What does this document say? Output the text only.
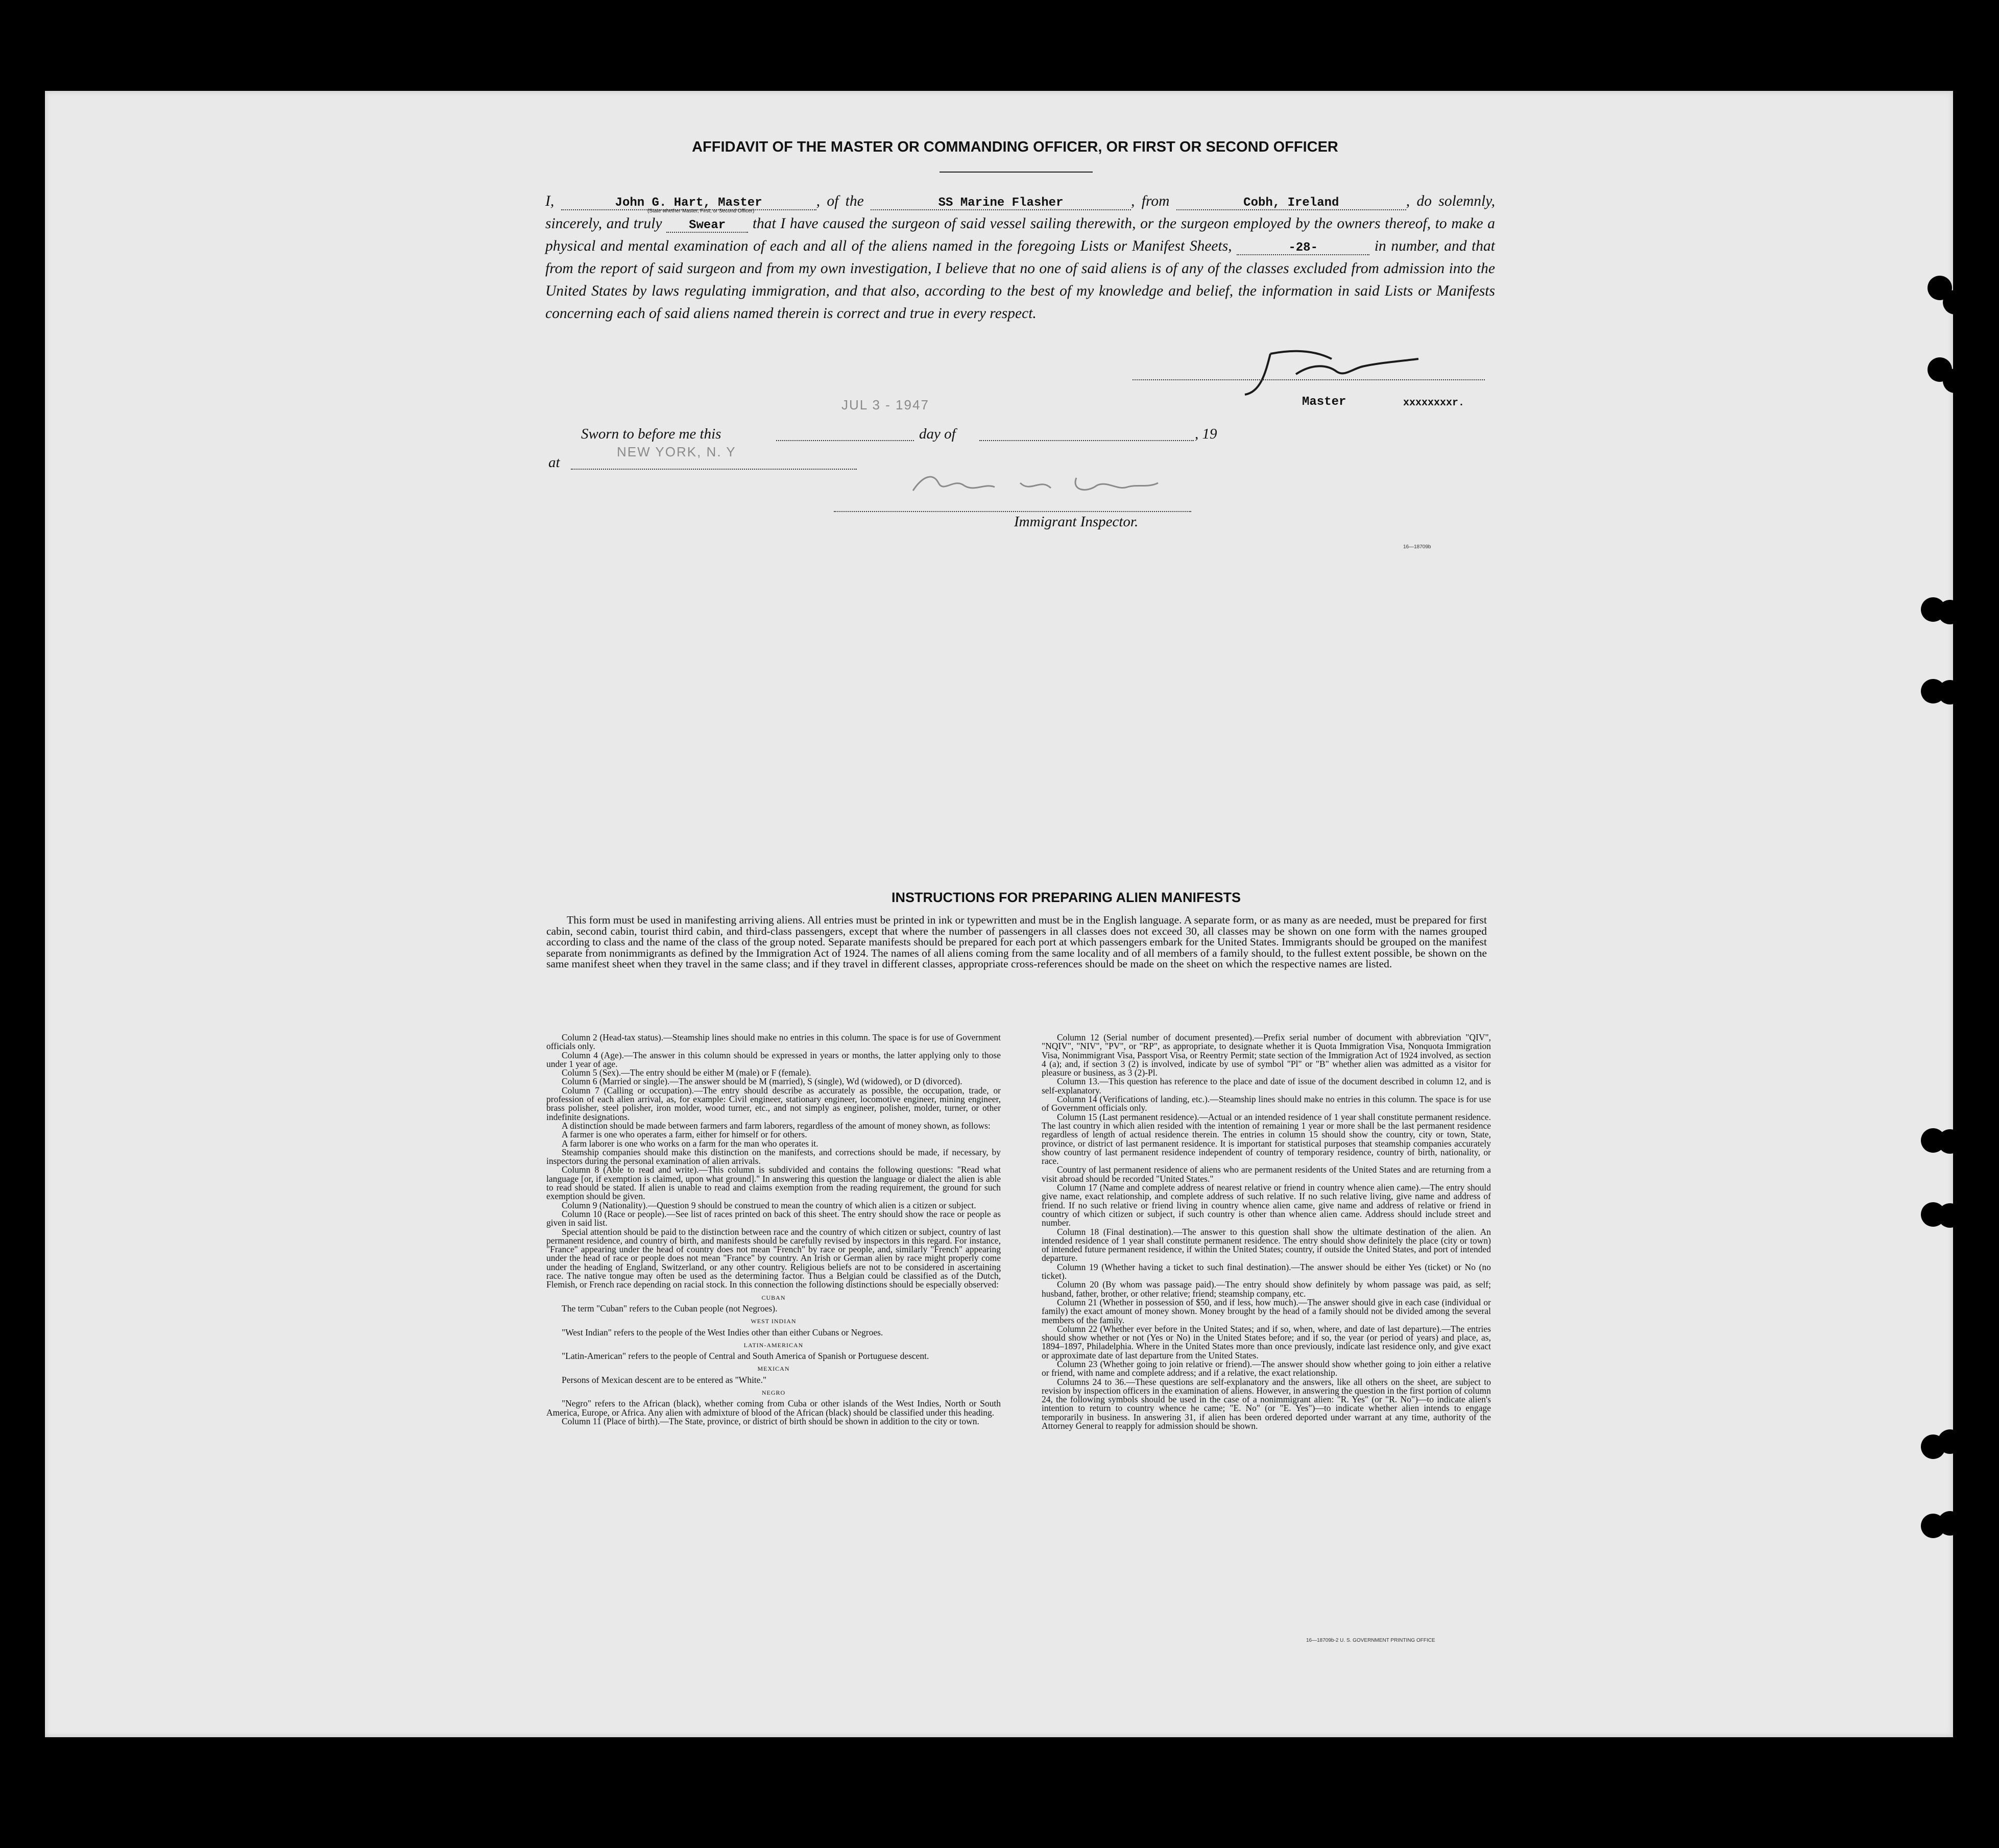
AFFIDAVIT OF THE MASTER OR COMMANDING OFFICER, OR FIRST OR SECOND OFFICER
I,	John G. Hart, Master	, of the	SS Marine Flasher	, from	Cobh, Ireland	, do solemnly, sincerely, and truly Swear that I have caused the surgeon of said vessel sailing therewith, or the surgeon employed by the owners thereof, to make a physical and mental examination of each and all of the aliens named in the foregoing Lists or Manifest Sheets,	-28-	in number, and that from the report of said surgeon and from my own investigation, I believe that no one of said aliens is of any of the classes excluded from admission into the United States by laws regulating immigration, and that also, according to the best of my knowledge and belief, the information in said Lists or Manifests concerning each of said aliens named therein is correct and true in every respect.
(State whether Master, First, or Second Officer)
Master	xxxxxxxxr.
JUL 3 - 1947
Sworn to before me this	day of	, 19
NEW YORK, N. Y
at
Immigrant Inspector.
16—18709b
INSTRUCTIONS FOR PREPARING ALIEN MANIFESTS
This form must be used in manifesting arriving aliens. All entries must be printed in ink or typewritten and must be in the English language. A separate form, or as many as are needed, must be prepared for first cabin, second cabin, tourist third cabin, and third-class passengers, except that where the number of passengers in all classes does not exceed 30, all classes may be shown on one form with the names grouped according to class and the name of the class of the group noted. Separate manifests should be prepared for each port at which passengers embark for the United States. Immigrants should be grouped on the manifest separate from nonimmigrants as defined by the Immigration Act of 1924. The names of all aliens coming from the same locality and of all members of a family should, to the fullest extent possible, be shown on the same manifest sheet when they travel in the same class; and if they travel in different classes, appropriate cross-references should be made on the sheet on which the respective names are listed.

Column 2 (Head-tax status).—Steamship lines should make no entries in this column. The space is for use of Government officials only.

Column 4 (Age).—The answer in this column should be expressed in years or months, the latter applying only to those under 1 year of age.

Column 5 (Sex).—The entry should be either M (male) or F (female).

Column 6 (Married or single).—The answer should be M (married), S (single), Wd (widowed), or D (divorced).

Column 7 (Calling or occupation).—The entry should describe as accurately as possible, the occupation, trade, or profession of each alien arrival, as, for example: Civil engineer, stationary engineer, locomotive engineer, mining engineer, brass polisher, steel polisher, iron molder, wood turner, etc., and not simply as engineer, polisher, molder, turner, or other indefinite designations.

A distinction should be made between farmers and farm laborers, regardless of the amount of money shown, as follows:

A farmer is one who operates a farm, either for himself or for others.

A farm laborer is one who works on a farm for the man who operates it.

Steamship companies should make this distinction on the manifests, and corrections should be made, if necessary, by inspectors during the personal examination of alien arrivals.

Column 8 (Able to read and write).—This column is subdivided and contains the following questions: "Read what language [or, if exemption is claimed, upon what ground]." In answering this question the language or dialect the alien is able to read should be stated. If alien is unable to read and claims exemption from the reading requirement, the ground for such exemption should be given.

Column 9 (Nationality).—Question 9 should be construed to mean the country of which alien is a citizen or subject.

Column 10 (Race or people).—See list of races printed on back of this sheet. The entry should show the race or people as given in said list.

Special attention should be paid to the distinction between race and the country of which citizen or subject, country of last permanent residence, and country of birth, and manifests should be carefully revised by inspectors in this regard. For instance, "France" appearing under the head of country does not mean "French" by race or people, and, similarly "French" appearing under the head of race or people does not mean "France" by country. An Irish or German alien by race might properly come under the heading of England, Switzerland, or any other country. Religious beliefs are not to be considered in ascertaining race. The native tongue may often be used as the determining factor. Thus a Belgian could be classified as of the Dutch, Flemish, or French race depending on racial stock. In this connection the following distinctions should be especially observed:

CUBAN

The term "Cuban" refers to the Cuban people (not Negroes).

WEST INDIAN

"West Indian" refers to the people of the West Indies other than either Cubans or Negroes.

LATIN-AMERICAN

"Latin-American" refers to the people of Central and South America of Spanish or Portuguese descent.

MEXICAN

Persons of Mexican descent are to be entered as "White."

NEGRO

"Negro" refers to the African (black), whether coming from Cuba or other islands of the West Indies, North or South America, Europe, or Africa. Any alien with admixture of blood of the African (black) should be classified under this heading.

Column 11 (Place of birth).—The State, province, or district of birth should be shown in addition to the city or town.

Column 12 (Serial number of document presented).—Prefix serial number of document with abbreviation "QIV", "NQIV", "NIV", "PV", or "RP", as appropriate, to designate whether it is Quota Immigration Visa, Nonquota Immigration Visa, Nonimmigrant Visa, Passport Visa, or Reentry Permit; state section of the Immigration Act of 1924 involved, as section 4 (a); and, if section 3 (2) is involved, indicate by use of symbol "Pl" or "B" whether alien was admitted as a visitor for pleasure or business, as 3 (2)-Pl.

Column 13.—This question has reference to the place and date of issue of the document described in column 12, and is self-explanatory.

Column 14 (Verifications of landing, etc.).—Steamship lines should make no entries in this column. The space is for use of Government officials only.

Column 15 (Last permanent residence).—Actual or an intended residence of 1 year shall constitute permanent residence. The last country in which alien resided with the intention of remaining 1 year or more shall be the last permanent residence regardless of length of actual residence therein. The entries in column 15 should show the country, city or town, State, province, or district of last permanent residence. It is important for statistical purposes that steamship companies accurately show country of last permanent residence independent of country of temporary residence, country of birth, nationality, or race.

Country of last permanent residence of aliens who are permanent residents of the United States and are returning from a visit abroad should be recorded "United States."

Column 17 (Name and complete address of nearest relative or friend in country whence alien came).—The entry should give name, exact relationship, and complete address of such relative. If no such relative living, give name and address of friend. If no such relative or friend living in country whence alien came, give name and address of relative or friend in country of which citizen or subject, if such country is other than whence alien came. Address should include street and number.

Column 18 (Final destination).—The answer to this question shall show the ultimate destination of the alien. An intended residence of 1 year shall constitute permanent residence. The entry should show definitely the place (city or town) of intended future permanent residence, if within the United States; country, if outside the United States, and port of intended departure.

Column 19 (Whether having a ticket to such final destination).—The answer should be either Yes (ticket) or No (no ticket).

Column 20 (By whom was passage paid).—The entry should show definitely by whom passage was paid, as self; husband, father, brother, or other relative; friend; steamship company, etc.

Column 21 (Whether in possession of $50, and if less, how much).—The answer should give in each case (individual or family) the exact amount of money shown. Money brought by the head of a family should not be divided among the several members of the family.

Column 22 (Whether ever before in the United States; and if so, when, where, and date of last departure).—The entries should show whether or not (Yes or No) in the United States before; and if so, the year (or period of years) and place, as, 1894–1897, Philadelphia. Where in the United States more than once previously, indicate last residence only, and give exact or approximate date of last departure from the United States.

Column 23 (Whether going to join relative or friend).—The answer should show whether going to join either a relative or friend, with name and complete address; and if a relative, the exact relationship.

Columns 24 to 36.—These questions are self-explanatory and the answers, like all others on the sheet, are subject to revision by inspection officers in the examination of aliens. However, in answering the question in the first portion of column 24, the following symbols should be used in the case of a nonimmigrant alien: "R. Yes" (or "R. No")—to indicate alien's intention to return to country whence he came; "E. No" (or "E. Yes")—to indicate whether alien intends to engage temporarily in business. In answering 31, if alien has been ordered deported under warrant at any time, authority of the Attorney General to reapply for admission should be shown.

16—18709b-2 U. S. GOVERNMENT PRINTING OFFICE
